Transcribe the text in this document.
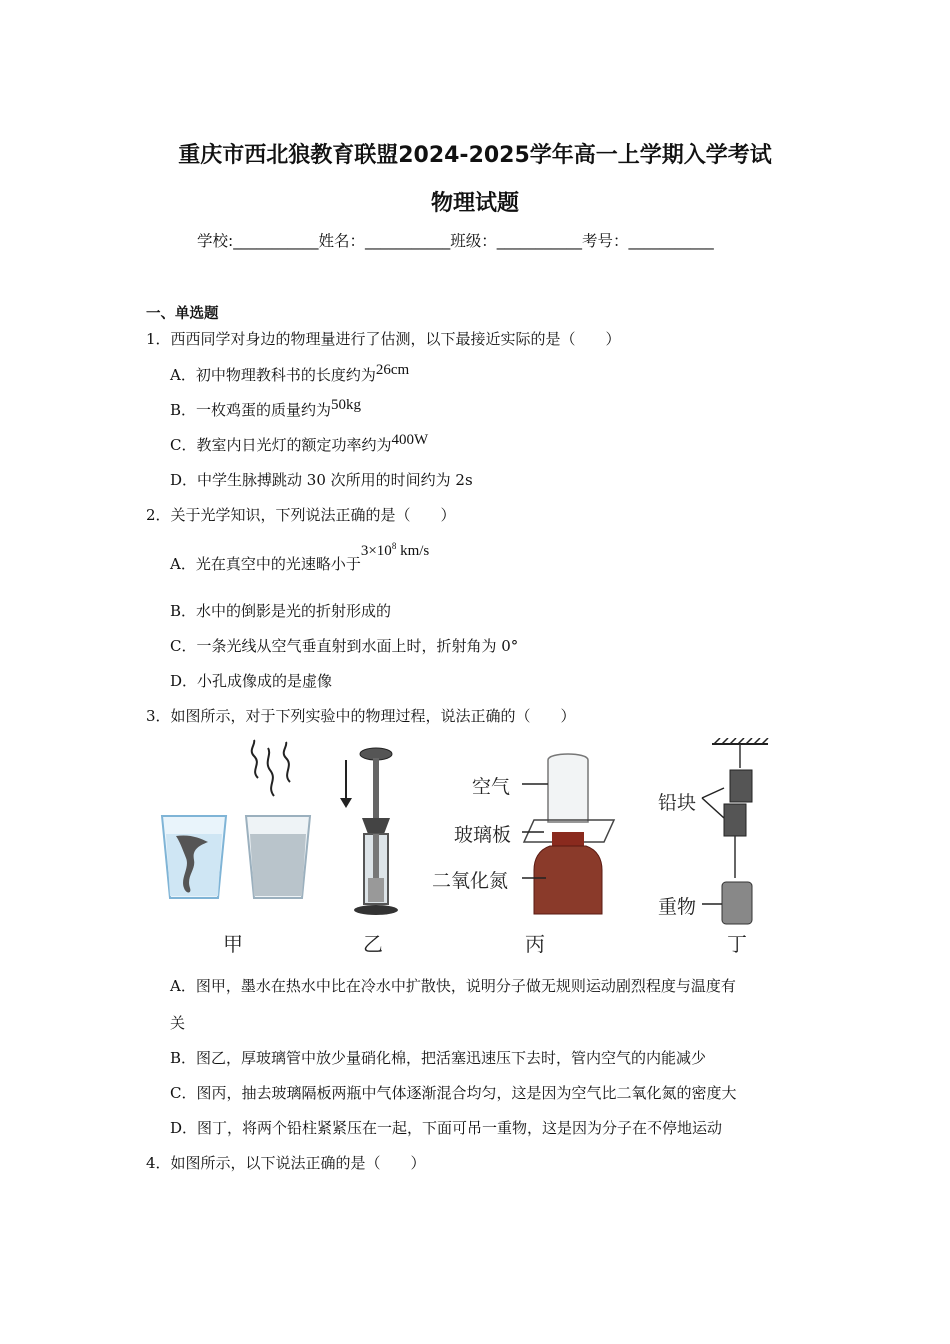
重庆市西北狼教育联盟2024-2025学年高一上学期入学考试
物理试题
学校:___________姓名：___________班级：___________考号：___________
一、单选题
1．西西同学对身边的物理量进行了估测，以下最接近实际的是（　　）
A．初中物理教科书的长度约为26cm
B．一枚鸡蛋的质量约为50kg
C．教室内日光灯的额定功率约为400W
D．中学生脉搏跳动 30 次所用的时间约为 2s
2．关于光学知识，下列说法正确的是（　　）
A．光在真空中的光速略小于$3\times 10^8$ km/s
B．水中的倒影是光的折射形成的
C．一条光线从空气垂直射到水面上时，折射角为 0°
D．小孔成像成的是虚像
3．如图所示，对于下列实验中的物理过程，说法正确的（　　）
甲	乙	丙	丁
空气
玻璃板
二氧化氮
铅块
重物
A．图甲，墨水在热水中比在冷水中扩散快，说明分子做无规则运动剧烈程度与温度有
关
B．图乙，厚玻璃管中放少量硝化棉，把活塞迅速压下去时，管内空气的内能减少
C．图丙，抽去玻璃隔板两瓶中气体逐渐混合均匀，这是因为空气比二氧化氮的密度大
D．图丁，将两个铅柱紧紧压在一起，下面可吊一重物，这是因为分子在不停地运动
4．如图所示，以下说法正确的是（　　）
